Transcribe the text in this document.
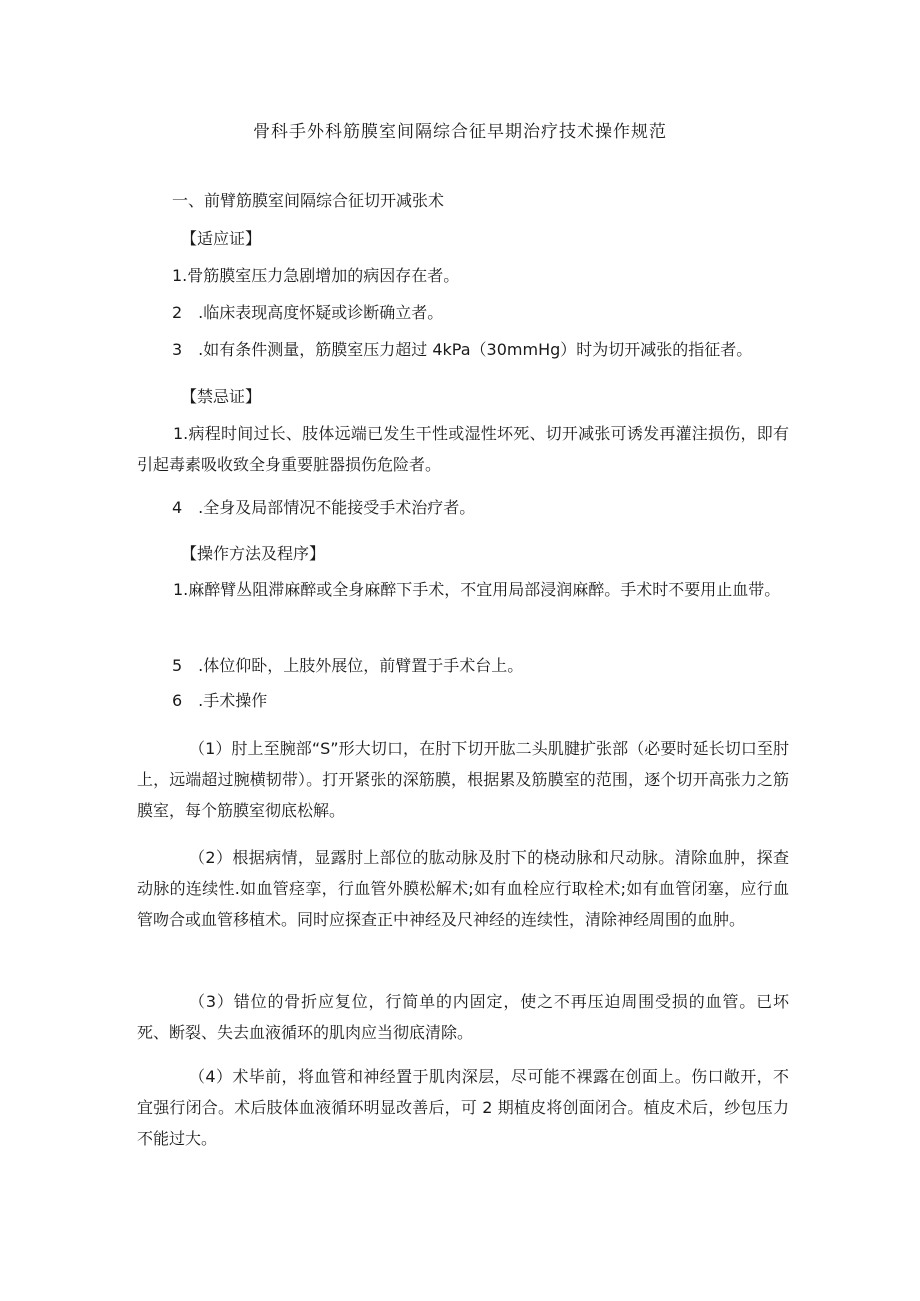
骨科手外科筋膜室间隔综合征早期治疗技术操作规范
一、前臂筋膜室间隔综合征切开减张术
【适应证】
1.骨筋膜室压力急剧增加的病因存在者。
2　.临床表现高度怀疑或诊断确立者。
3　.如有条件测量，筋膜室压力超过 4kPa（30mmHg）时为切开减张的指征者。
【禁忌证】
1.病程时间过长、肢体远端已发生干性或湿性坏死、切开减张可诱发再灌注损伤，即有引起毒素吸收致全身重要脏器损伤危险者。
4　.全身及局部情况不能接受手术治疗者。
【操作方法及程序】
1.麻醉臂丛阻滞麻醉或全身麻醉下手术，不宜用局部浸润麻醉。手术时不要用止血带。
5　.体位仰卧，上肢外展位，前臂置于手术台上。
6　.手术操作
（1）肘上至腕部“S”形大切口，在肘下切开肱二头肌腱扩张部（必要时延长切口至肘上，远端超过腕横韧带）。打开紧张的深筋膜，根据累及筋膜室的范围，逐个切开高张力之筋膜室，每个筋膜室彻底松解。
（2）根据病情，显露肘上部位的肱动脉及肘下的桡动脉和尺动脉。清除血肿，探查动脉的连续性.如血管痉挛，行血管外膜松解术;如有血栓应行取栓术;如有血管闭塞，应行血管吻合或血管移植术。同时应探查正中神经及尺神经的连续性，清除神经周围的血肿。
（3）错位的骨折应复位，行简单的内固定，使之不再压迫周围受损的血管。已坏死、断裂、失去血液循环的肌肉应当彻底清除。
（4）术毕前，将血管和神经置于肌肉深层，尽可能不裸露在创面上。伤口敞开，不宜强行闭合。术后肢体血液循环明显改善后，可 2 期植皮将创面闭合。植皮术后，纱包压力不能过大。
